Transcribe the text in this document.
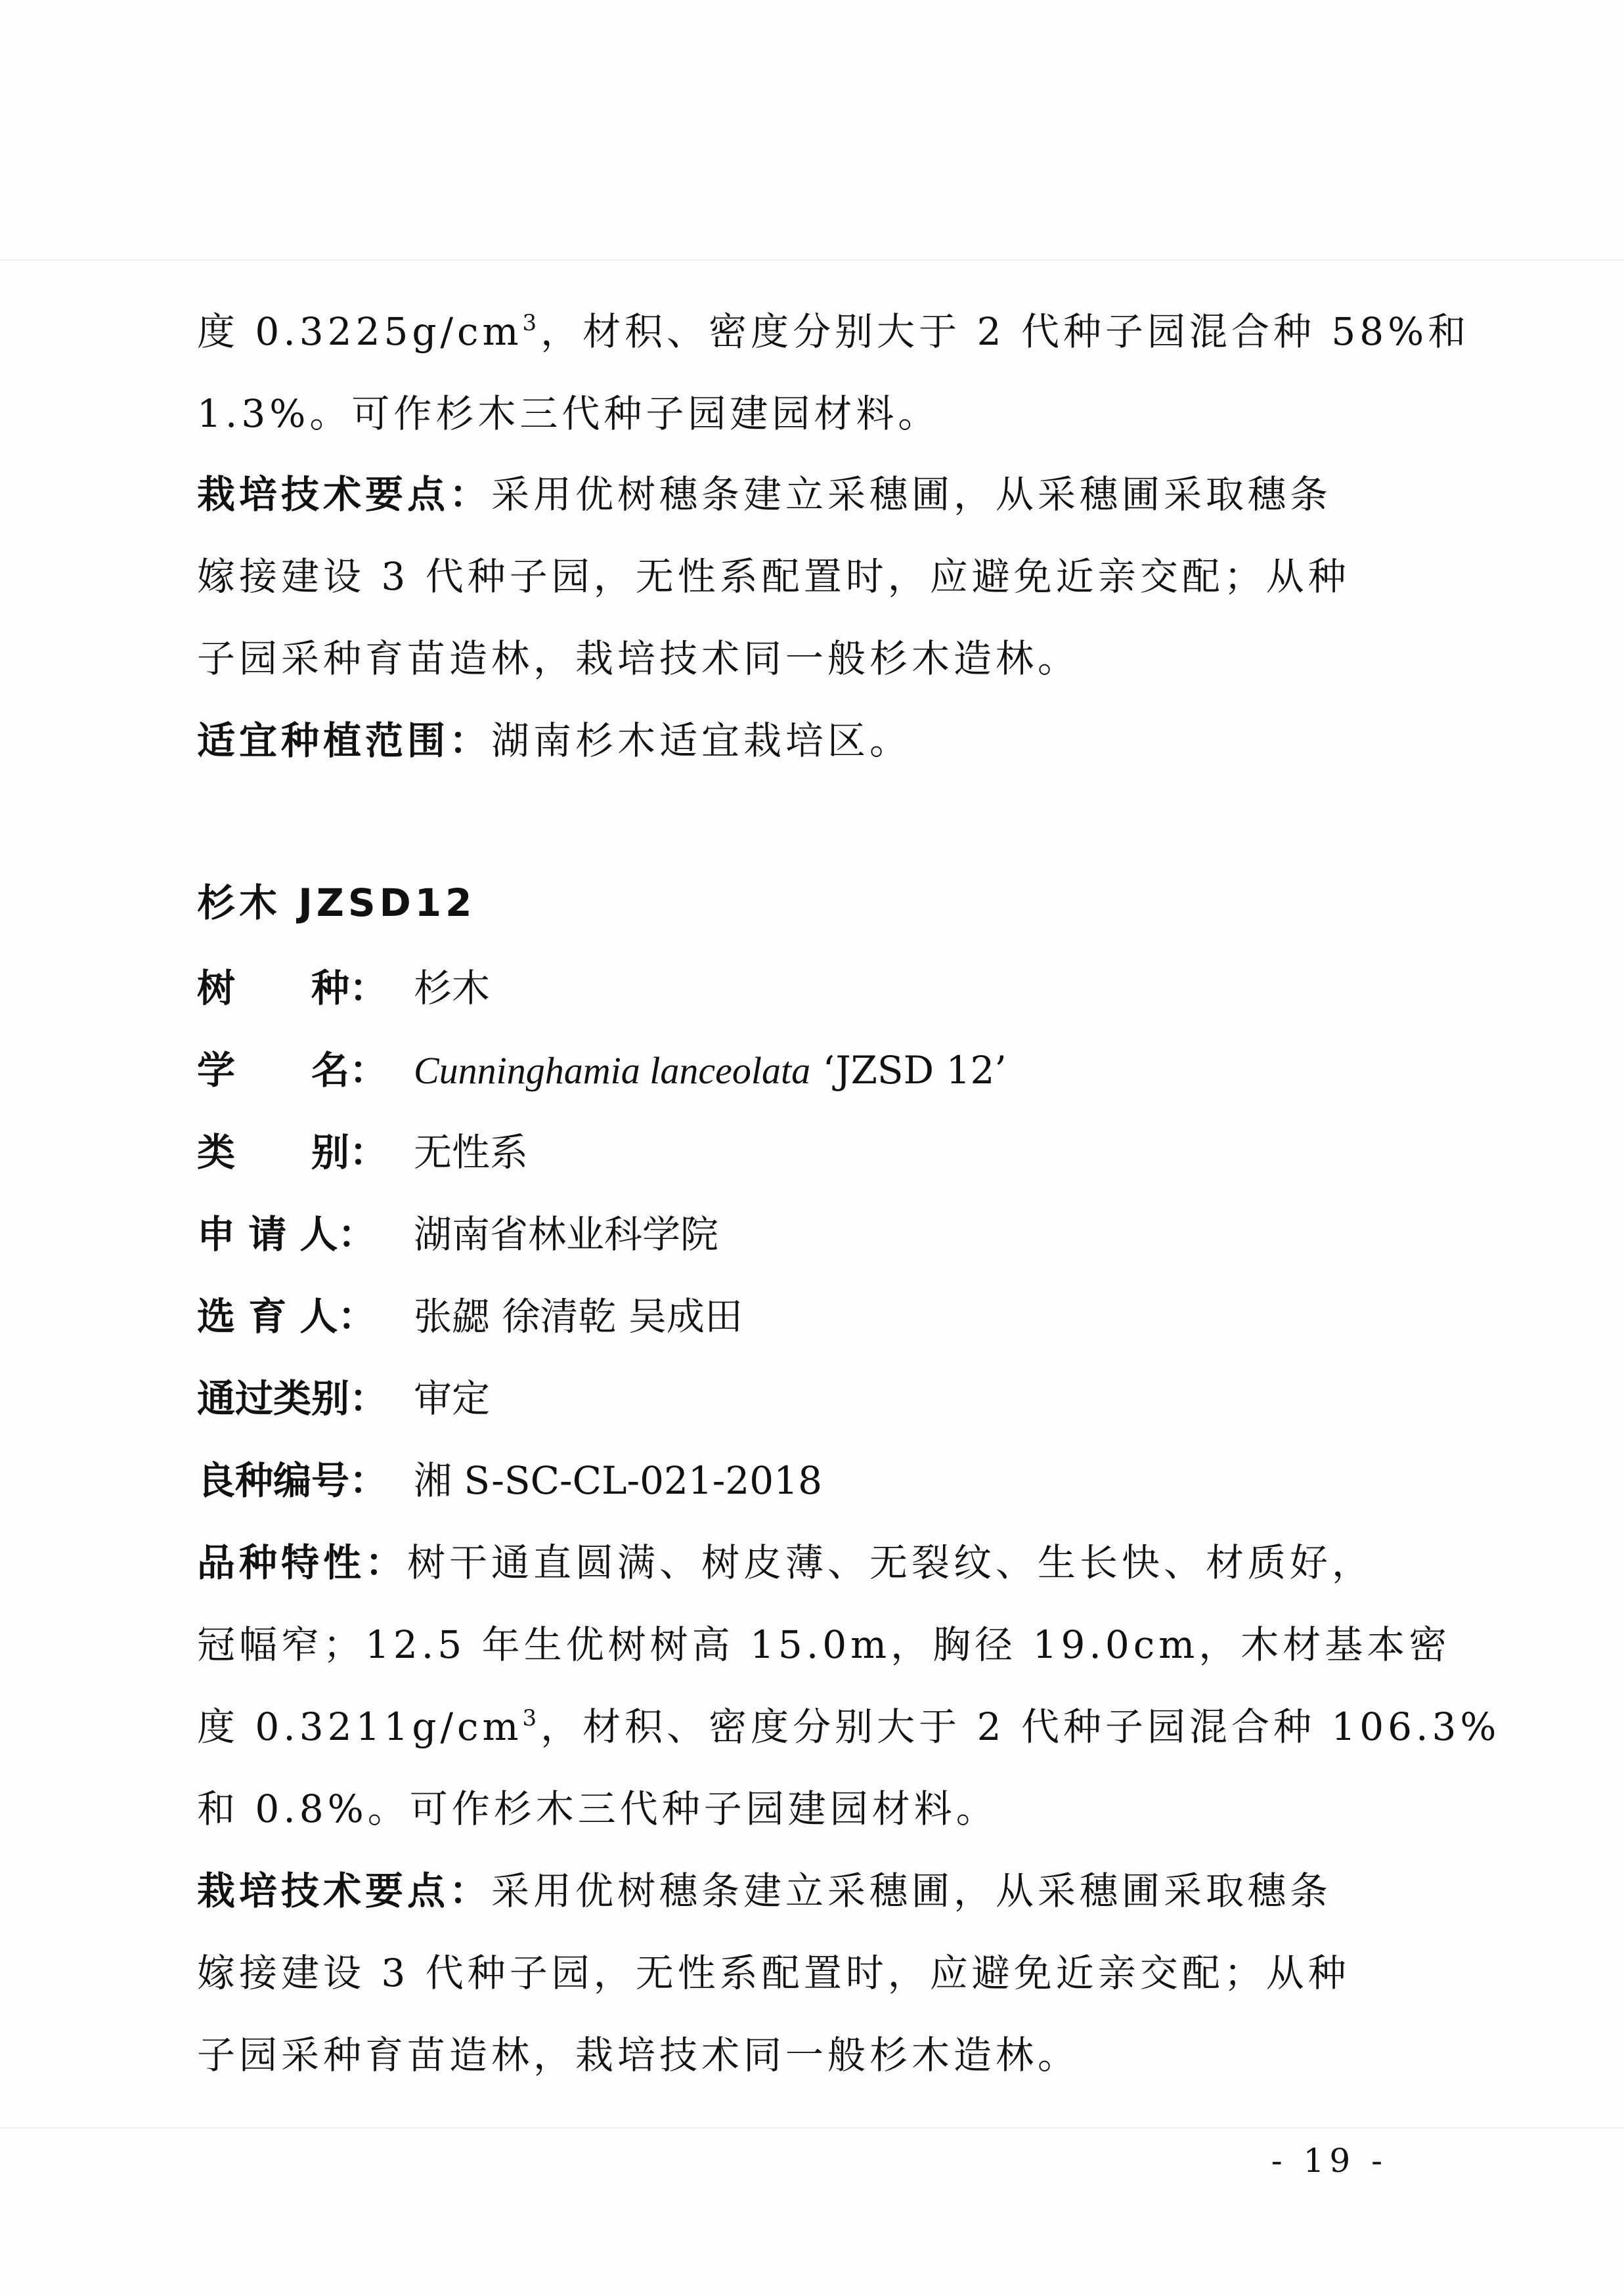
度 $0.3225g/cm^3$，材积、密度分别大于 2 代种子园混合种 58%和
1.3%。可作杉木三代种子园建园材料。
栽培技术要点：采用优树穗条建立采穗圃，从采穗圃采取穗条
嫁接建设 3 代种子园，无性系配置时，应避免近亲交配；从种
子园采种育苗造林，栽培技术同一般杉木造林。
适宜种植范围：湖南杉木适宜栽培区。
杉木 JZSD12
树　　种： 杉木
学　　名： Cunninghamia lanceolata ‘JZSD 12’
类　　别： 无性系
申 请 人： 湖南省林业科学院
选 育 人： 张勰 徐清乾 吴成田
通过类别： 审定
良种编号： 湘 S-SC-CL-021-2018
品种特性：树干通直圆满、树皮薄、无裂纹、生长快、材质好，
冠幅窄；12.5 年生优树树高 15.0m，胸径 19.0cm，木材基本密
度 $0.3211g/cm^3$，材积、密度分别大于 2 代种子园混合种 106.3%
和 0.8%。可作杉木三代种子园建园材料。
栽培技术要点：采用优树穗条建立采穗圃，从采穗圃采取穗条
嫁接建设 3 代种子园，无性系配置时，应避免近亲交配；从种
子园采种育苗造林，栽培技术同一般杉木造林。
- 19 -
